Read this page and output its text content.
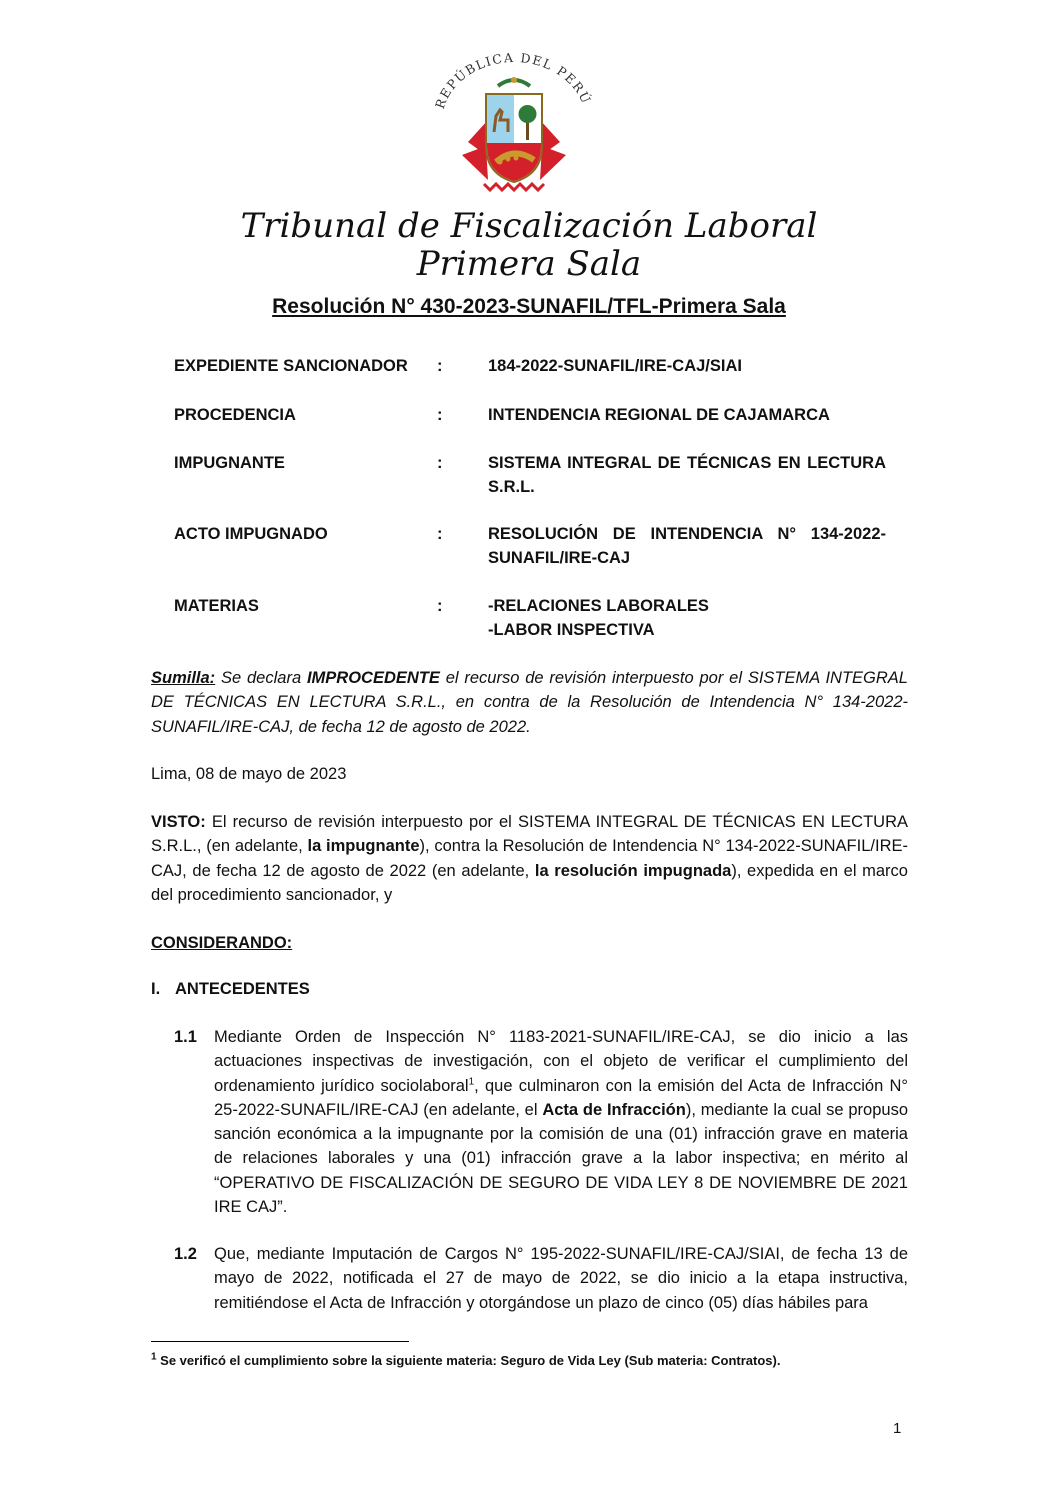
REPÚBLICA DEL PERÚ
Tribunal de Fiscalización Laboral
Primera Sala
Resolución N° 430-2023-SUNAFIL/TFL-Primera Sala
EXPEDIENTE SANCIONADOR :	184-2022-SUNAFIL/IRE-CAJ/SIAI
PROCEDENCIA	:	INTENDENCIA REGIONAL DE CAJAMARCA
IMPUGNANTE	:	SISTEMA INTEGRAL DE TÉCNICAS EN LECTURA S.R.L.
ACTO IMPUGNADO	:	RESOLUCIÓN DE INTENDENCIA N° 134-2022-SUNAFIL/IRE-CAJ
MATERIAS	:	-RELACIONES LABORALES
-LABOR INSPECTIVA

Sumilla: Se declara IMPROCEDENTE el recurso de revisión interpuesto por el SISTEMA INTEGRAL DE TÉCNICAS EN LECTURA S.R.L., en contra de la Resolución de Intendencia N° 134-2022-SUNAFIL/IRE-CAJ, de fecha 12 de agosto de 2022.

Lima, 08 de mayo de 2023

VISTO: El recurso de revisión interpuesto por el SISTEMA INTEGRAL DE TÉCNICAS EN LECTURA S.R.L., (en adelante, la impugnante), contra la Resolución de Intendencia N° 134-2022-SUNAFIL/IRE-CAJ, de fecha 12 de agosto de 2022 (en adelante, la resolución impugnada), expedida en el marco del procedimiento sancionador, y

CONSIDERANDO:
I. ANTECEDENTES
1.1 Mediante Orden de Inspección N° 1183-2021-SUNAFIL/IRE-CAJ, se dio inicio a las actuaciones inspectivas de investigación, con el objeto de verificar el cumplimiento del ordenamiento jurídico sociolaboral$^1$, que culminaron con la emisión del Acta de Infracción N° 25-2022-SUNAFIL/IRE-CAJ (en adelante, el Acta de Infracción), mediante la cual se propuso sanción económica a la impugnante por la comisión de una (01) infracción grave en materia de relaciones laborales y una (01) infracción grave a la labor inspectiva; en mérito al “OPERATIVO DE FISCALIZACIÓN DE SEGURO DE VIDA LEY 8 DE NOVIEMBRE DE 2021 IRE CAJ”.

1.2 Que, mediante Imputación de Cargos N° 195-2022-SUNAFIL/IRE-CAJ/SIAI, de fecha 13 de mayo de 2022, notificada el 27 de mayo de 2022, se dio inicio a la etapa instructiva, remitiéndose el Acta de Infracción y otorgándose un plazo de cinco (05) días hábiles para

$^1$ Se verificó el cumplimiento sobre la siguiente materia: Seguro de Vida Ley (Sub materia: Contratos).
1
